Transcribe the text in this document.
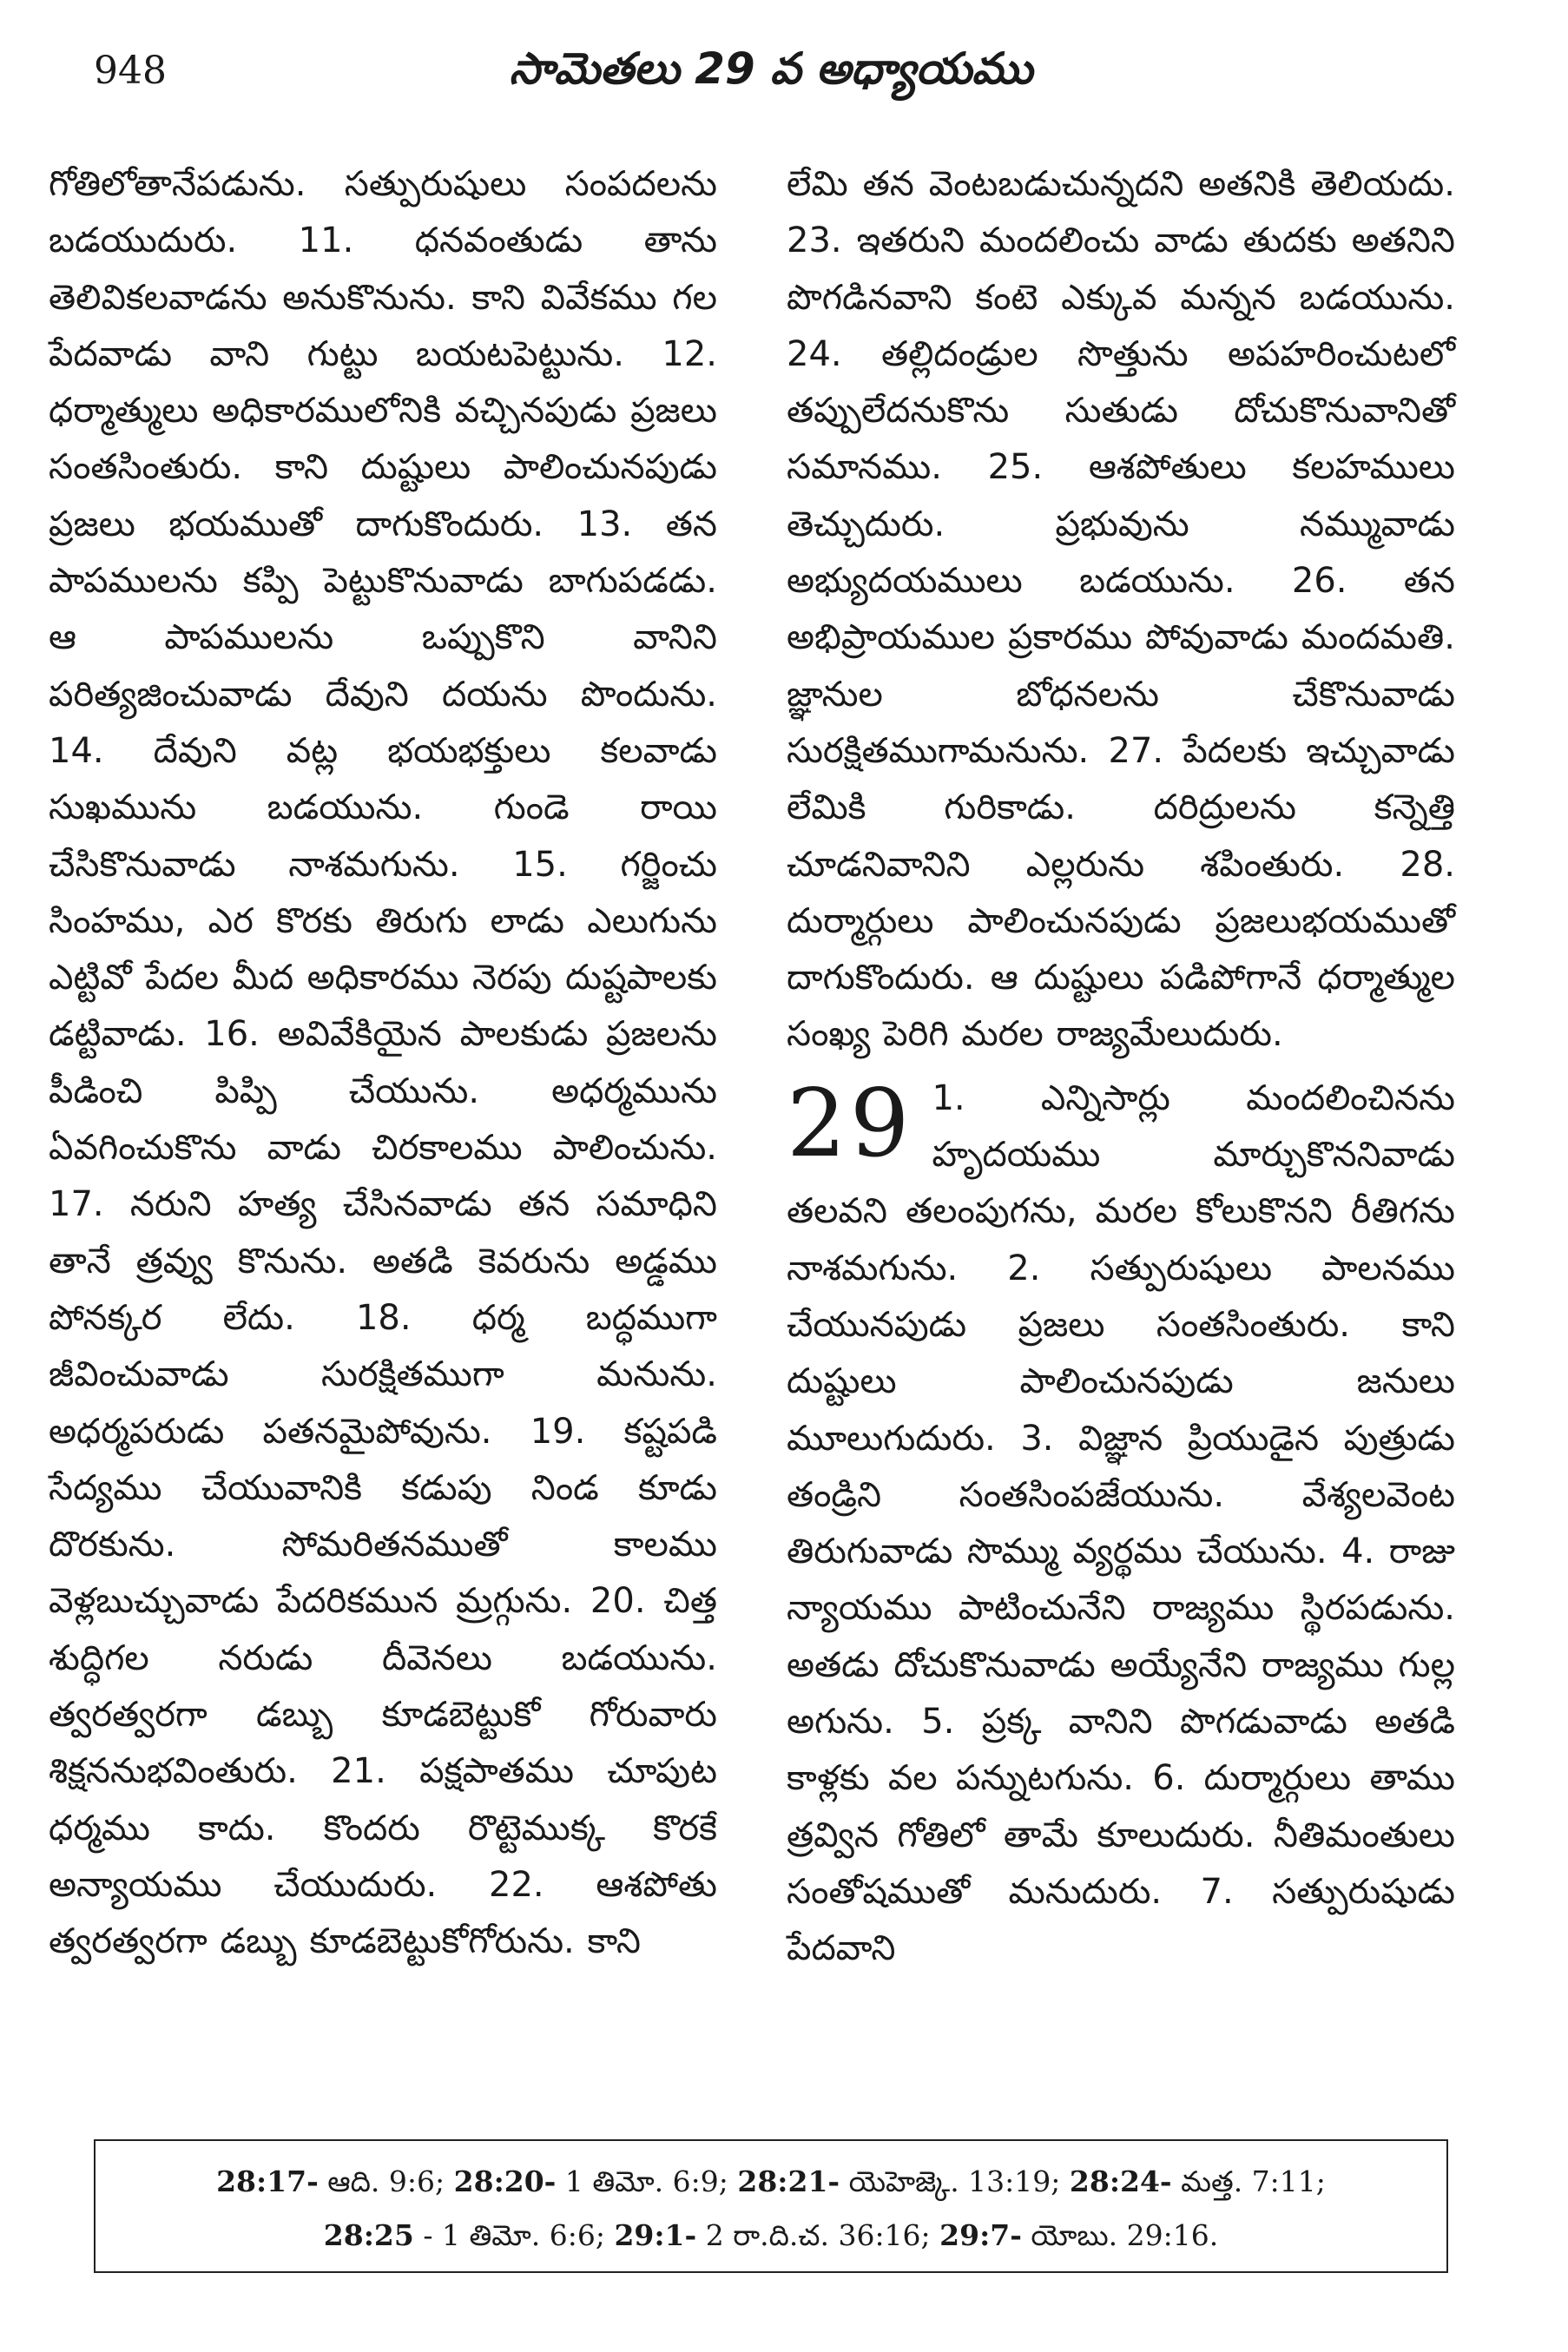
948	సామెతలు 29 వ అధ్యాయము
గోతిలోతానేపడును. సత్పురుషులు సంపదలను బడయుదురు. 11. ధనవంతుడు తాను తెలివికలవాడను అనుకొనును. కాని వివేకము గల పేదవాడు వాని గుట్టు బయటపెట్టును. 12. ధర్మాత్ములు అధికారములోనికి వచ్చినపుడు ప్రజలు సంతసింతురు. కాని దుష్టులు పాలించునపుడు ప్రజలు భయముతో దాగుకొందురు. 13. తన పాపములను కప్పి పెట్టుకొనువాడు బాగుపడడు. ఆ పాపములను ఒప్పుకొని వానిని పరిత్యజించువాడు దేవుని దయను పొందును. 14. దేవుని వట్ల భయభక్తులు కలవాడు సుఖమును బడయును. గుండె రాయి చేసికొనువాడు నాశమగును. 15. గర్జించు సింహము, ఎర కొరకు తిరుగు లాడు ఎలుగును ఎట్టివో పేదల మీద అధికారము నెరపు దుష్టపాలకు డట్టివాడు. 16. అవివేకియైన పాలకుడు ప్రజలను పీడించి పిప్పి చేయును. అధర్మమును ఏవగించుకొను వాడు చిరకాలము పాలించును. 17. నరుని హత్య చేసినవాడు తన సమాధిని తానే త్రవ్వు కొనును. అతడి కెవరును అడ్డము పోనక్కర లేదు. 18. ధర్మ బద్ధముగా జీవించువాడు సురక్షితముగా మనును. అధర్మపరుడు పతనమైపోవును. 19. కష్టపడి సేద్యము చేయువానికి కడుపు నిండ కూడు దొరకును. సోమరితనముతో కాలము వెళ్లబుచ్చువాడు పేదరికమున మ్రగ్గును. 20. చిత్త శుద్ధిగల నరుడు దీవెనలు బడయును. త్వరత్వరగా డబ్బు కూడబెట్టుకో గోరువారు శిక్షననుభవింతురు. 21. పక్షపాతము చూపుట ధర్మము కాదు. కొందరు రొట్టెముక్క కొరకే అన్యాయము చేయుదురు. 22. ఆశపోతు త్వరత్వరగా డబ్బు కూడబెట్టుకోగోరును. కాని
లేమి తన వెంటబడుచున్నదని అతనికి తెలియదు. 23. ఇతరుని మందలించు వాడు తుదకు అతనిని పొగడినవాని కంటె ఎక్కువ మన్నన బడయును. 24. తల్లిదండ్రుల సొత్తును అపహరించుటలో తప్పులేదనుకొను సుతుడు దోచుకొనువానితో సమానము. 25. ఆశపోతులు కలహములు తెచ్చుదురు. ప్రభువును నమ్మువాడు అభ్యుదయములు బడయును. 26. తన అభిప్రాయముల ప్రకారము పోవువాడు మందమతి. జ్ఞానుల బోధనలను చేకొనువాడు సురక్షితముగామనును. 27. పేదలకు ఇచ్చువాడు లేమికి గురికాడు. దరిద్రులను కన్నెత్తి చూడనివానిని ఎల్లరును శపింతురు. 28. దుర్మార్గులు పాలించునపుడు ప్రజలుభయముతో దాగుకొందురు. ఆ దుష్టులు పడిపోగానే ధర్మాత్ముల సంఖ్య పెరిగి మరల రాజ్యమేలుదురు.
29 1. ఎన్నిసార్లు మందలించినను హృదయము మార్చుకొననివాడు తలవని తలంపుగను, మరల కోలుకొనని రీతిగను నాశమగును. 2. సత్పురుషులు పాలనము చేయునపుడు ప్రజలు సంతసింతురు. కాని దుష్టులు పాలించునపుడు జనులు మూలుగుదురు. 3. విజ్ఞాన ప్రియుడైన పుత్రుడు తండ్రిని సంతసింపజేయును. వేశ్యలవెంట తిరుగువాడు సొమ్ము వ్యర్థము చేయును. 4. రాజు న్యాయము పాటించునేని రాజ్యము స్థిరపడును. అతడు దోచుకొనువాడు అయ్యేనేని రాజ్యము గుల్ల అగును. 5. ప్రక్క వానిని పొగడువాడు అతడి కాళ్లకు వల పన్నుటగును. 6. దుర్మార్గులు తాము త్రవ్విన గోతిలో తామే కూలుదురు. నీతిమంతులు సంతోషముతో మనుదురు. 7. సత్పురుషుడు పేదవాని
28:17- ఆది. 9:6; 28:20- 1 తిమో. 6:9; 28:21- యెహెజ్కె. 13:19; 28:24- మత్త. 7:11;
28:25 - 1 తిమో. 6:6; 29:1- 2 రా.ది.చ. 36:16; 29:7- యోబు. 29:16.
